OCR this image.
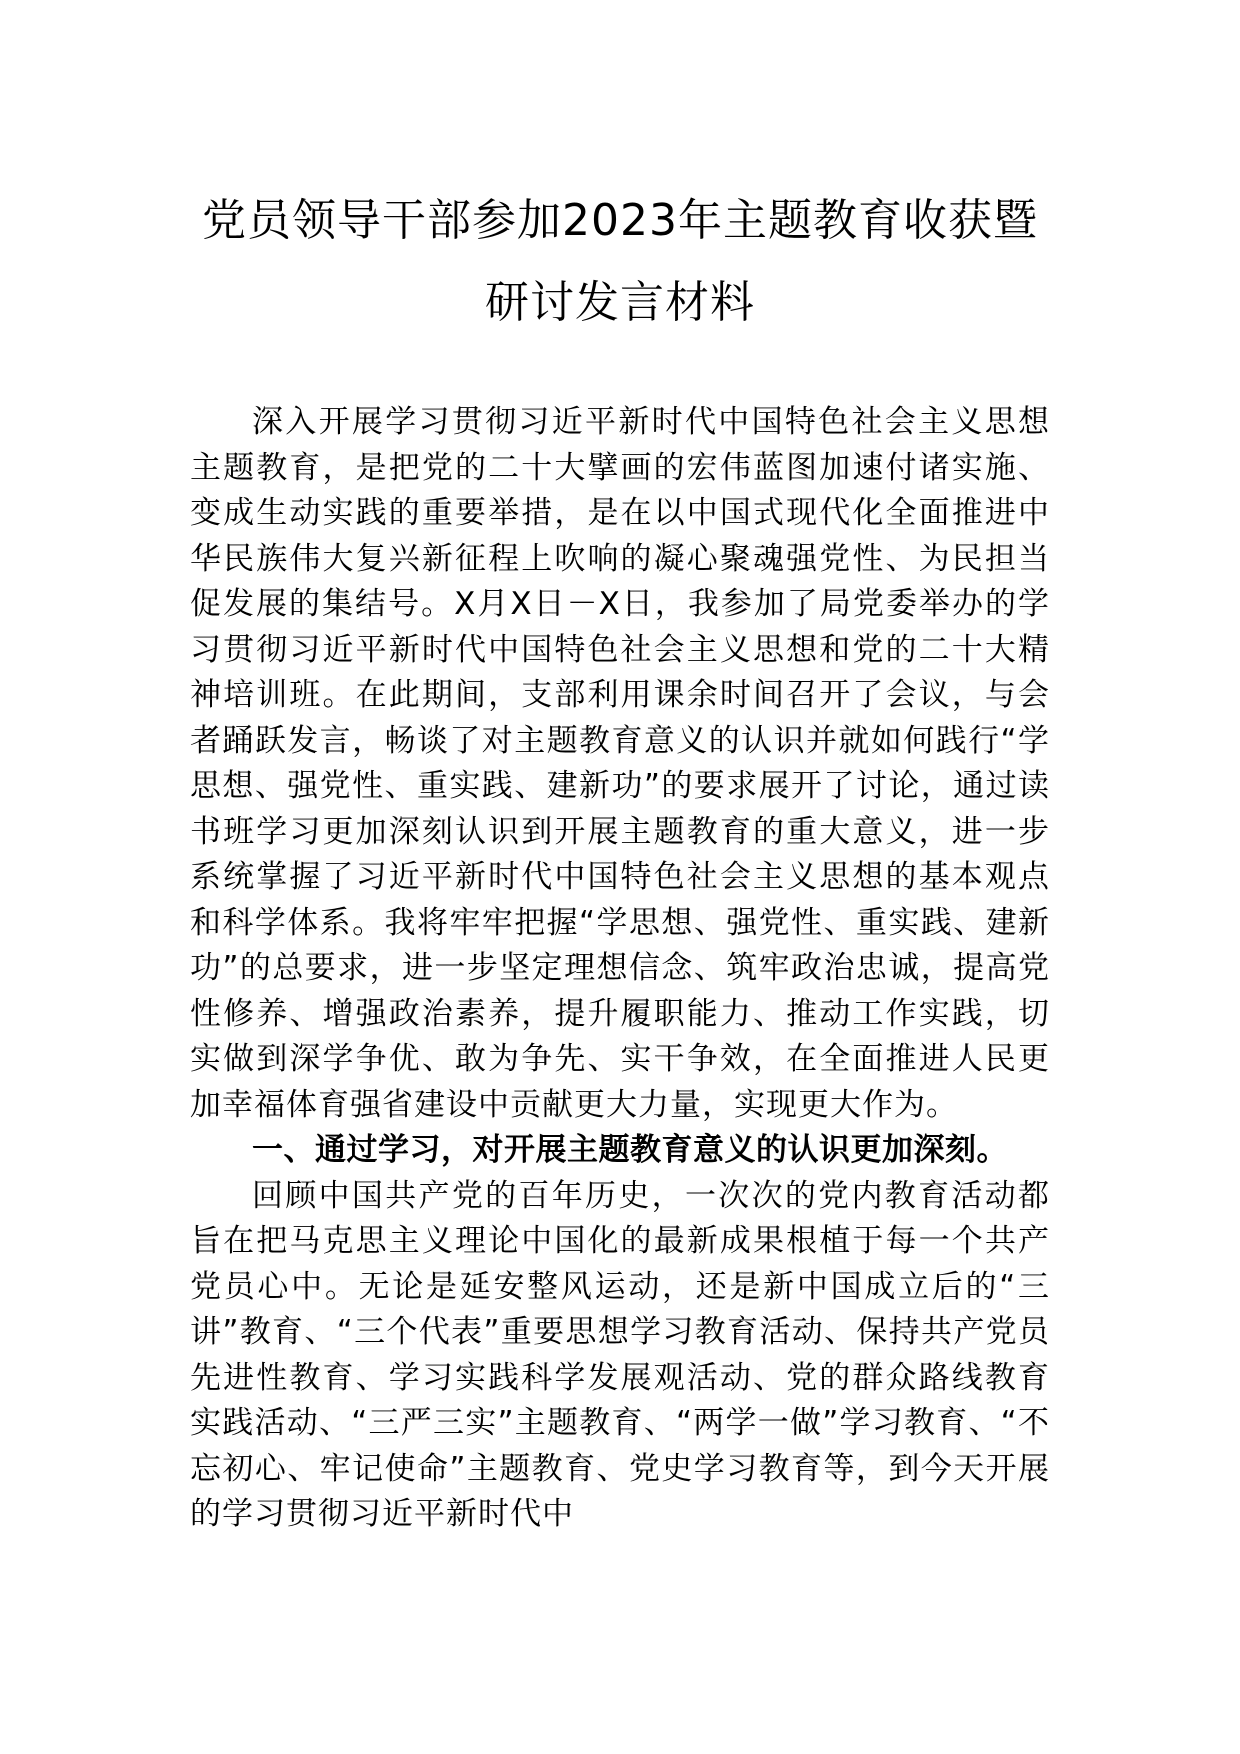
党员领导干部参加2023年主题教育收获暨
研讨发言材料

深入开展学习贯彻习近平新时代中国特色社会主义思想主题教育，是把党的二十大擘画的宏伟蓝图加速付诸实施、变成生动实践的重要举措，是在以中国式现代化全面推进中华民族伟大复兴新征程上吹响的凝心聚魂强党性、为民担当促发展的集结号。X月X日－X日，我参加了局党委举办的学习贯彻习近平新时代中国特色社会主义思想和党的二十大精神培训班。在此期间，支部利用课余时间召开了会议，与会者踊跃发言，畅谈了对主题教育意义的认识并就如何践行“学思想、强党性、重实践、建新功”的要求展开了讨论，通过读书班学习更加深刻认识到开展主题教育的重大意义，进一步系统掌握了习近平新时代中国特色社会主义思想的基本观点和科学体系。我将牢牢把握“学思想、强党性、重实践、建新功”的总要求，进一步坚定理想信念、筑牢政治忠诚，提高党性修养、增强政治素养，提升履职能力、推动工作实践，切实做到深学争优、敢为争先、实干争效，在全面推进人民更加幸福体育强省建设中贡献更大力量，实现更大作为。

一、通过学习，对开展主题教育意义的认识更加深刻。

回顾中国共产党的百年历史，一次次的党内教育活动都旨在把马克思主义理论中国化的最新成果根植于每一个共产党员心中。无论是延安整风运动，还是新中国成立后的“三讲”教育、“三个代表”重要思想学习教育活动、保持共产党员先进性教育、学习实践科学发展观活动、党的群众路线教育实践活动、“三严三实”主题教育、“两学一做”学习教育、“不忘初心、牢记使命”主题教育、党史学习教育等，到今天开展的学习贯彻习近平新时代中
